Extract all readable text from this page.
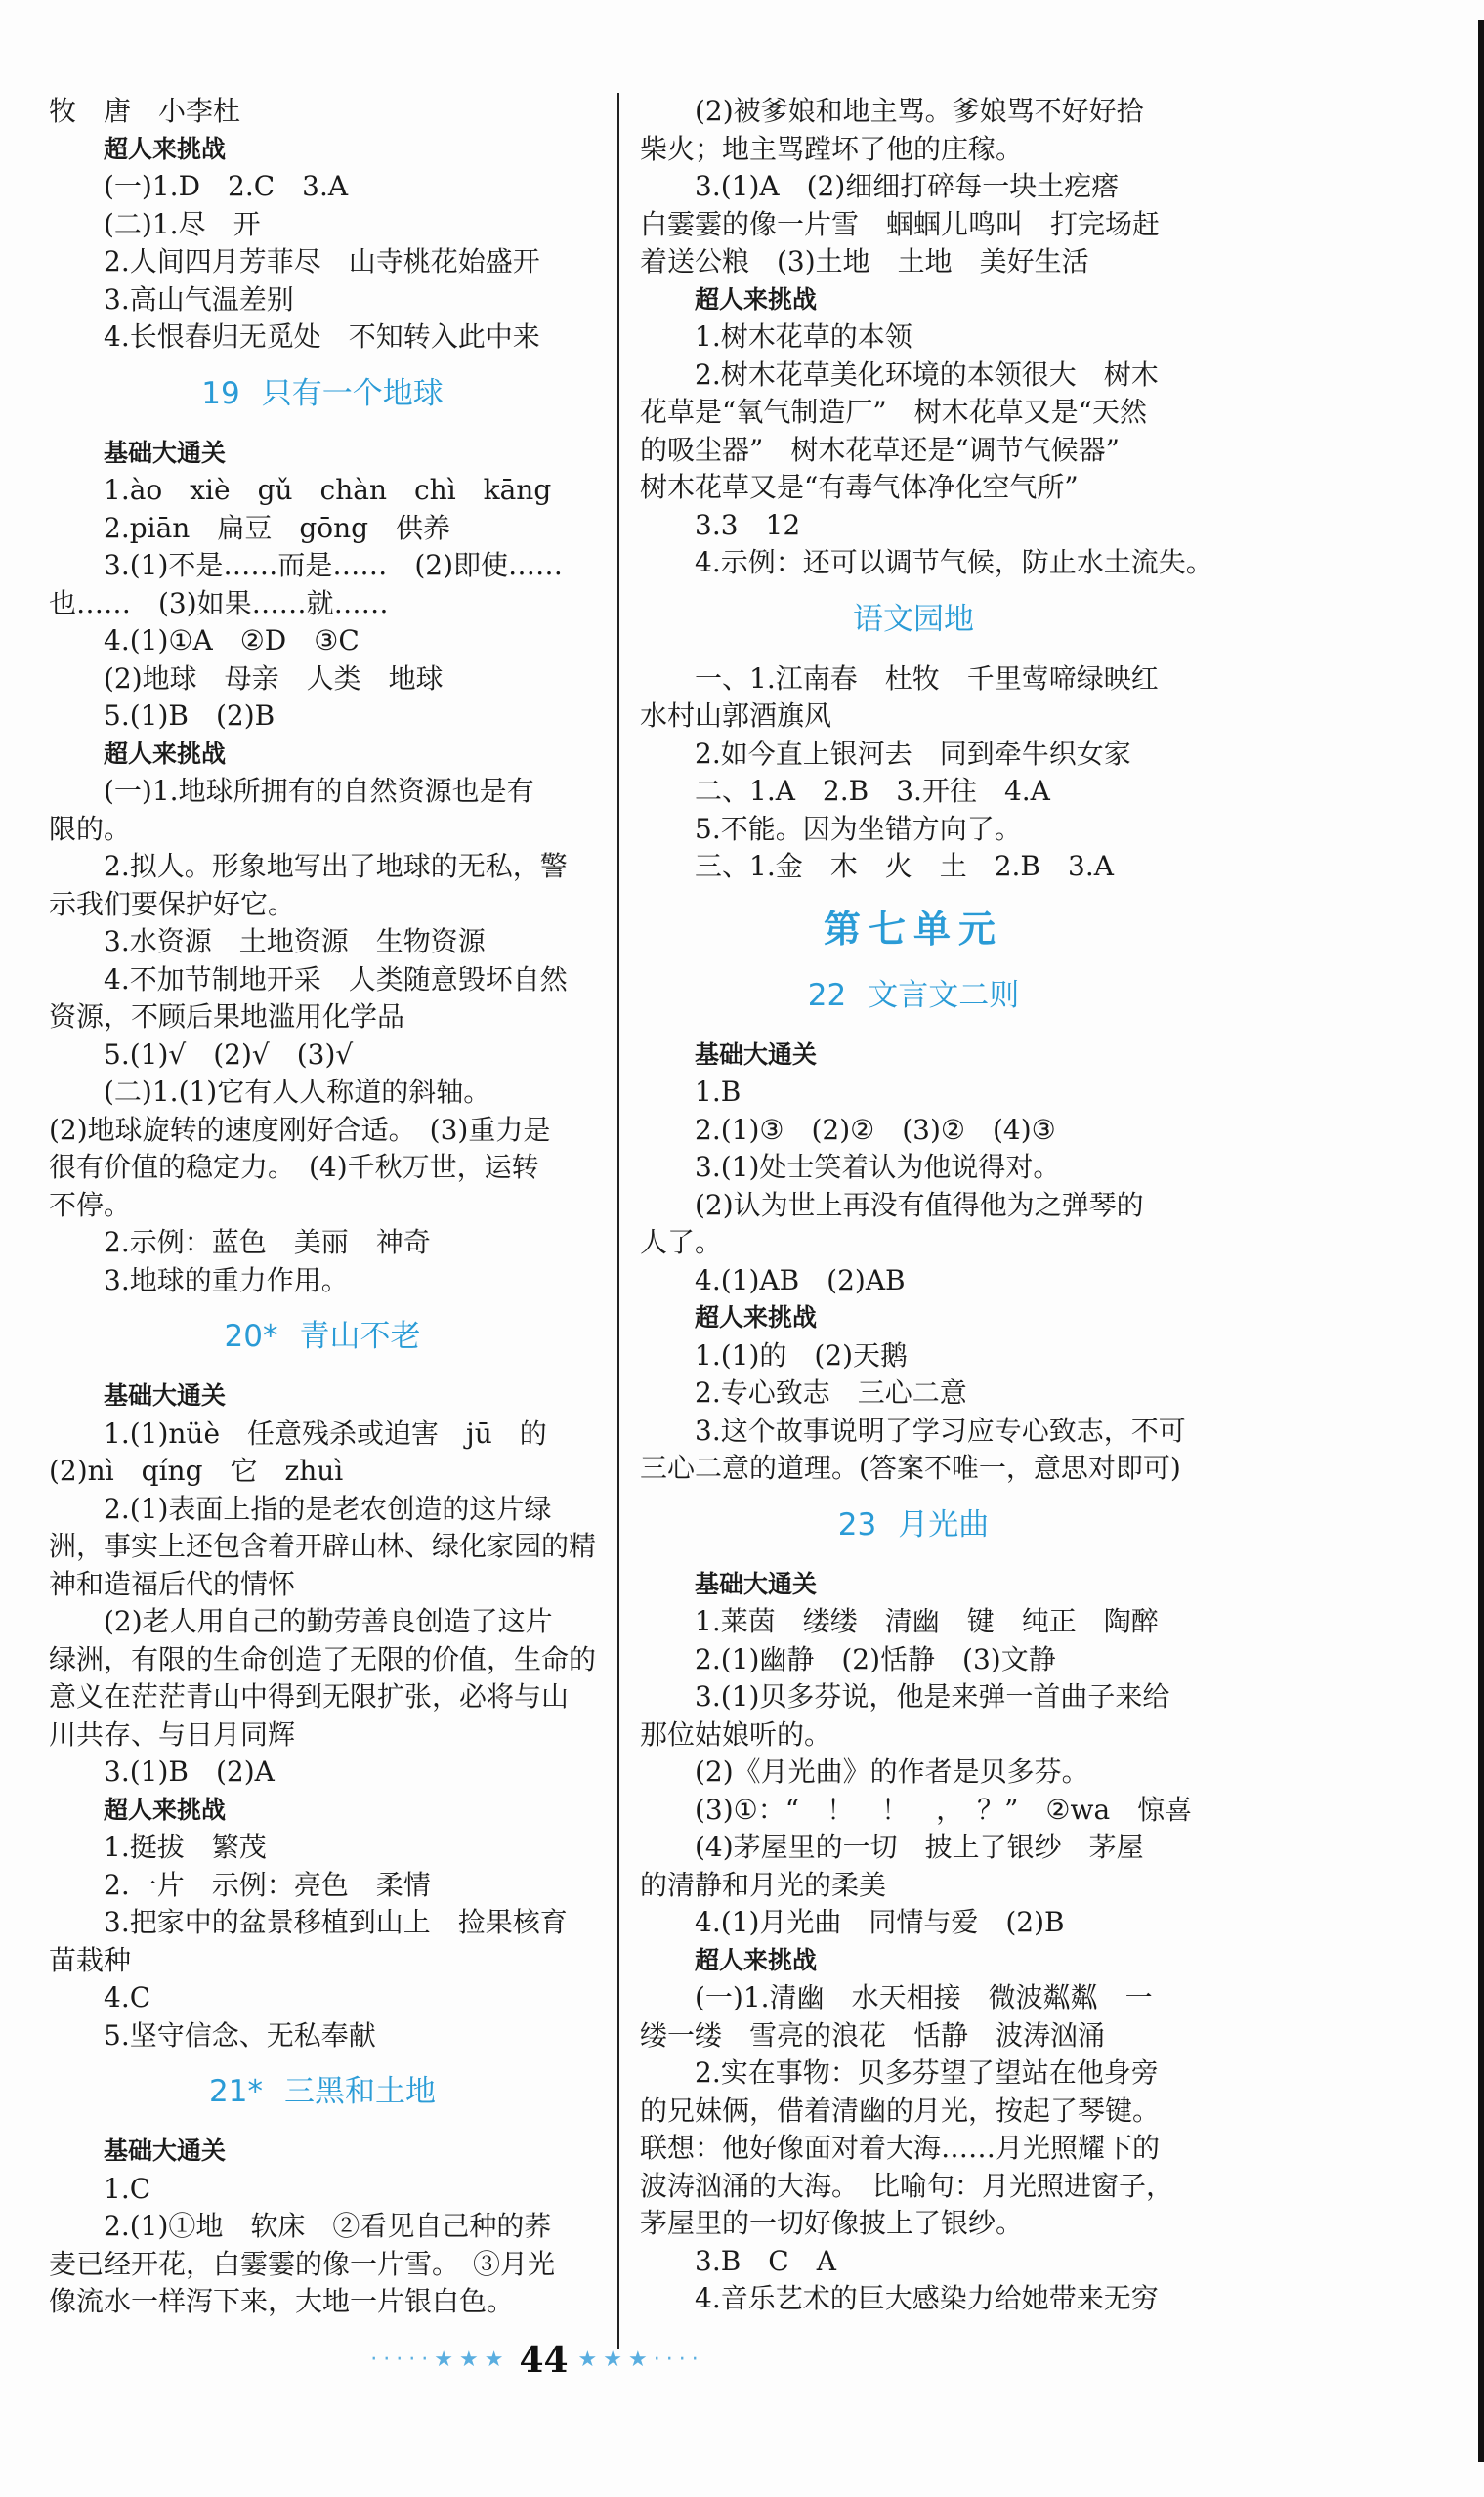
牧　唐　小李杜
超人来挑战
(一)1.D　2.C　3.A
(二)1.尽　开
2.人间四月芳菲尽　山寺桃花始盛开
3.高山气温差别
4.长恨春归无觅处　不知转入此中来
19 只有一个地球
基础大通关
1.ào　xiè　gǔ　chàn　chì　kāng
2.piān　扁豆　gōng　供养
3.(1)不是……而是……　(2)即使……
也……　(3)如果……就……
4.(1)①A　②D　③C
(2)地球　母亲　人类　地球
5.(1)B　(2)B
超人来挑战
(一)1.地球所拥有的自然资源也是有
限的。
2.拟人。形象地写出了地球的无私，警
示我们要保护好它。
3.水资源　土地资源　生物资源
4.不加节制地开采　人类随意毁坏自然
资源，不顾后果地滥用化学品
5.(1)√　(2)√　(3)√
(二)1.(1)它有人人称道的斜轴。
(2)地球旋转的速度刚好合适。　(3)重力是
很有价值的稳定力。　(4)千秋万世，运转
不停。
2.示例：蓝色　美丽　神奇
3.地球的重力作用。
20* 青山不老
基础大通关
1.(1)nüè　任意残杀或迫害　jū　的
(2)nì　qíng　它　zhuì
2.(1)表面上指的是老农创造的这片绿
洲，事实上还包含着开辟山林、绿化家园的精
神和造福后代的情怀
(2)老人用自己的勤劳善良创造了这片
绿洲，有限的生命创造了无限的价值，生命的
意义在茫茫青山中得到无限扩张，必将与山
川共存、与日月同辉
3.(1)B　(2)A
超人来挑战
1.挺拔　繁茂
2.一片　示例：亮色　柔情
3.把家中的盆景移植到山上　捡果核育
苗栽种
4.C
5.坚守信念、无私奉献
21* 三黑和土地
基础大通关
1.C
2.(1)①地　软床　②看见自己种的荞
麦已经开花，白霎霎的像一片雪。　③月光
像流水一样泻下来，大地一片银白色。
(2)被爹娘和地主骂。爹娘骂不好好拾
柴火；地主骂蹚坏了他的庄稼。
3.(1)A　(2)细细打碎每一块土疙瘩
白霎霎的像一片雪　蝈蝈儿鸣叫　打完场赶
着送公粮　(3)土地　土地　美好生活
超人来挑战
1.树木花草的本领
2.树木花草美化环境的本领很大　树木
花草是“氧气制造厂”　树木花草又是“天然
的吸尘器”　树木花草还是“调节气候器”
树木花草又是“有毒气体净化空气所”
3.3　12
4.示例：还可以调节气候，防止水土流失。
语文园地
一、1.江南春　杜牧　千里莺啼绿映红
水村山郭酒旗风
2.如今直上银河去　同到牵牛织女家
二、1.A　2.B　3.开往　4.A
5.不能。因为坐错方向了。
三、1.金　木　火　土　2.B　3.A
第七单元
22 文言文二则
基础大通关
1.B
2.(1)③　(2)②　(3)②　(4)③
3.(1)处士笑着认为他说得对。
(2)认为世上再没有值得他为之弹琴的
人了。
4.(1)AB　(2)AB
超人来挑战
1.(1)的　(2)天鹅
2.专心致志　三心二意
3.这个故事说明了学习应专心致志，不可
三心二意的道理。(答案不唯一，意思对即可)
23 月光曲
基础大通关
1.莱茵　缕缕　清幽　键　纯正　陶醉
2.(1)幽静　(2)恬静　(3)文静
3.(1)贝多芬说，他是来弹一首曲子来给
那位姑娘听的。
(2)《月光曲》的作者是贝多芬。
(3)①：“　！　！　，　？”　②wa　惊喜
(4)茅屋里的一切　披上了银纱　茅屋
的清静和月光的柔美
4.(1)月光曲　同情与爱　(2)B
超人来挑战
(一)1.清幽　水天相接　微波粼粼　一
缕一缕　雪亮的浪花　恬静　波涛汹涌
2.实在事物：贝多芬望了望站在他身旁
的兄妹俩，借着清幽的月光，按起了琴键。
联想：他好像面对着大海……月光照耀下的
波涛汹涌的大海。　比喻句：月光照进窗子，
茅屋里的一切好像披上了银纱。
3.B　C　A
4.音乐艺术的巨大感染力给她带来无穷
·····★★★ 44 ★★★····
